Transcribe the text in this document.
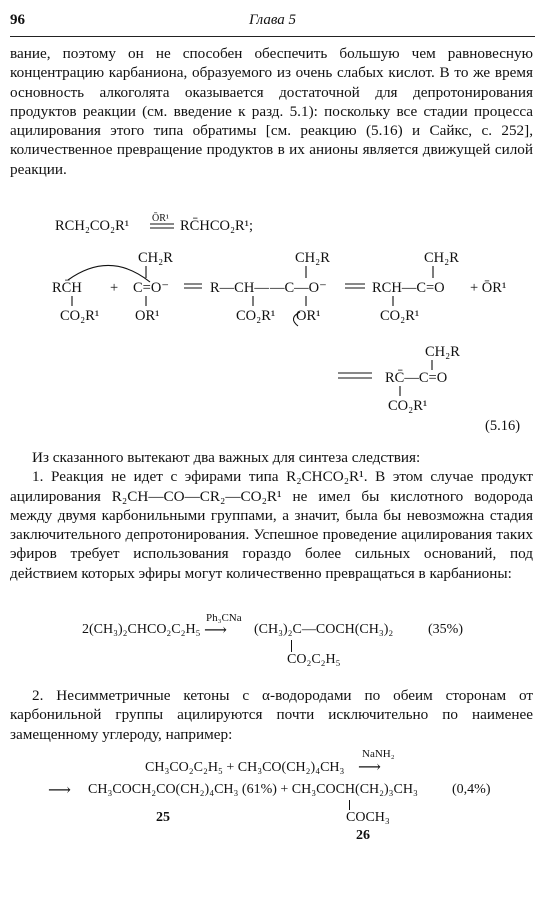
96	Глава 5

вание, поэтому он не способен обеспечить большую чем равновесную концентрацию карбаниона, образуемого из очень слабых кислот. В то же время основность алкоголята оказывается достаточной для депротонирования продуктов реакции (см. введение к разд. 5.1): поскольку все стадии процесса ацилирования этого типа обратимы [см. реакцию (5.16) и Сайкс, с. 252], количественное превращение продуктов в их анионы является движущей силой реакции.

RCH₂CO₂R¹ ŌR¹ RC̄HCO₂R¹;
RC̄H
CO₂R¹
+
CH₂R
C=O⁻
OR¹
R—CH—
CO₂R¹
CH₂R
—C—O⁻
OR¹
CH₂R
RCH—C=O
CO₂R¹
+ ŌR¹
CH₂R
RC̄—C=O
CO₂R¹
(5.16)

Из сказанного вытекают два важных для синтеза следствия:

1. Реакция не идет с эфирами типа R₂CHCO₂R¹. В этом случае продукт ацилирования R₂CH—CO—CR₂—CO₂R¹ не имел бы кислотного водорода между двумя карбонильными группами, а значит, была бы невозможна стадия заключительного депротонирования. Успешное проведение ацилирования таких эфиров требует использования гораздо более сильных оснований, под действием которых эфиры могут количественно превращаться в карбанионы:

2(CH₃)₂CHCO₂C₂H₅
Ph₃CNa
⟶ (CH₃)₂C—COCH(CH₃)₂
CO₂C₂H₅
(35%)

2. Несимметричные кетоны с α-водородами по обеим сторонам от карбонильной группы ацилируются почти исключительно по наименее замещенному углероду, например:

CH₃CO₂C₂H₅ + CH₃CO(CH₂)₄CH₃
NaNH₂
⟶
⟶ CH₃COCH₂CO(CH₂)₄CH₃ (61%) + CH₃COCH(CH₂)₃CH₃ (0,4%)
COCH₃
25
26
